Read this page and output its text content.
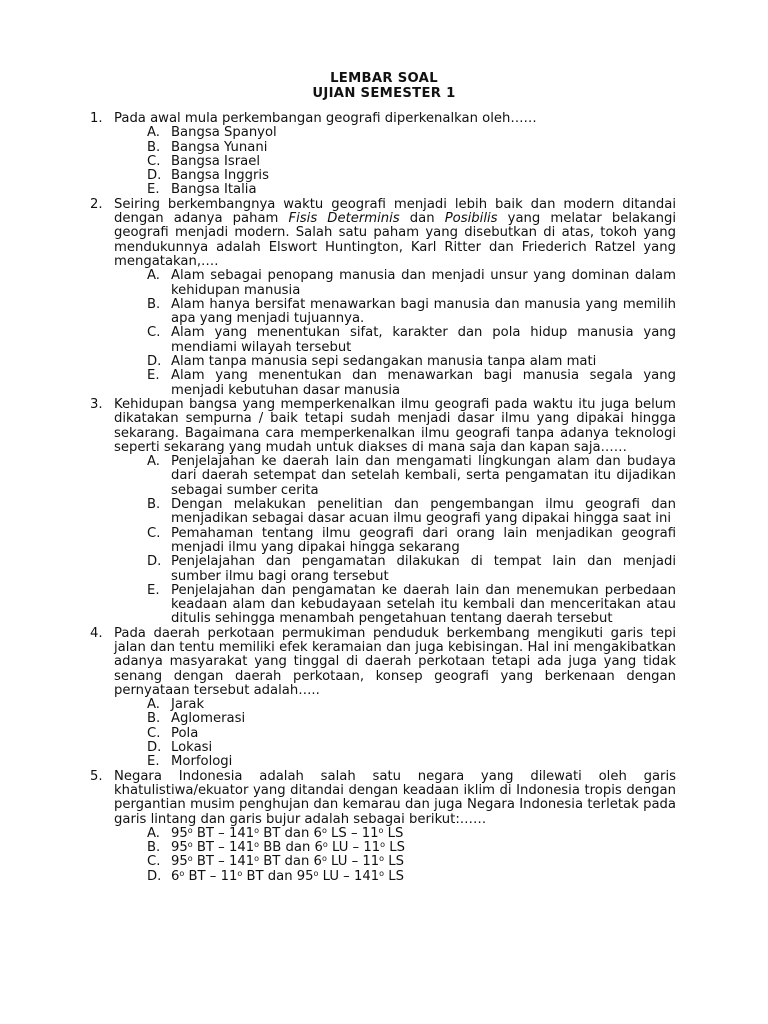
LEMBAR SOAL
UJIAN SEMESTER 1
1. Pada awal mula perkembangan geografi diperkenalkan oleh……
A. Bangsa Spanyol
B. Bangsa Yunani
C. Bangsa Israel
D. Bangsa Inggris
E. Bangsa Italia
2. Seiring berkembangnya waktu geografi menjadi lebih baik dan modern ditandai dengan adanya paham Fisis Determinis dan Posibilis yang melatar belakangi geografi menjadi modern. Salah satu paham yang disebutkan di atas, tokoh yang mendukunnya adalah Elswort Huntington, Karl Ritter dan Friederich Ratzel yang mengatakan,….
A. Alam sebagai penopang manusia dan menjadi unsur yang dominan dalam kehidupan manusia
B. Alam hanya bersifat menawarkan bagi manusia dan manusia yang memilih apa yang menjadi tujuannya.
C. Alam yang menentukan sifat, karakter dan pola hidup manusia yang mendiami wilayah tersebut
D. Alam tanpa manusia sepi sedangakan manusia tanpa alam mati
E. Alam yang menentukan dan menawarkan bagi manusia segala yang menjadi kebutuhan dasar manusia
3. Kehidupan bangsa yang memperkenalkan ilmu geografi pada waktu itu juga belum dikatakan sempurna / baik tetapi sudah menjadi dasar ilmu yang dipakai hingga sekarang. Bagaimana cara memperkenalkan ilmu geografi tanpa adanya teknologi seperti sekarang yang mudah untuk diakses di mana saja dan kapan saja……
A. Penjelajahan ke daerah lain dan mengamati lingkungan alam dan budaya dari daerah setempat dan setelah kembali, serta pengamatan itu dijadikan sebagai sumber cerita
B. Dengan melakukan penelitian dan pengembangan ilmu geografi dan menjadikan sebagai dasar acuan ilmu geografi yang dipakai hingga saat ini
C. Pemahaman tentang ilmu geografi dari orang lain menjadikan geografi menjadi ilmu yang dipakai hingga sekarang
D. Penjelajahan dan pengamatan dilakukan di tempat lain dan menjadi sumber ilmu bagi orang tersebut
E. Penjelajahan dan pengamatan ke daerah lain dan menemukan perbedaan keadaan alam dan kebudayaan setelah itu kembali dan menceritakan atau ditulis sehingga menambah pengetahuan tentang daerah tersebut
4. Pada daerah perkotaan permukiman penduduk berkembang mengikuti garis tepi jalan dan tentu memiliki efek keramaian dan juga kebisingan. Hal ini mengakibatkan adanya masyarakat yang tinggal di daerah perkotaan tetapi ada juga yang tidak senang dengan daerah perkotaan, konsep geografi yang berkenaan dengan pernyataan tersebut adalah…..
A. Jarak
B. Aglomerasi
C. Pola
D. Lokasi
E. Morfologi
5. Negara Indonesia adalah salah satu negara yang dilewati oleh garis khatulistiwa/ekuator yang ditandai dengan keadaan iklim di Indonesia tropis dengan pergantian musim penghujan dan kemarau dan juga Negara Indonesia terletak pada garis lintang dan garis bujur adalah sebagai berikut:……
A. 95$^o$ BT – 141$^o$ BT dan 6$^o$ LS – 11$^o$ LS
B. 95$^o$ BT – 141$^o$ BB dan 6$^o$ LU – 11$^o$ LS
C. 95$^o$ BT – 141$^o$ BT dan 6$^o$ LU – 11$^o$ LS
D. 6$^o$ BT – 11$^o$ BT dan 95$^o$ LU – 141$^o$ LS
